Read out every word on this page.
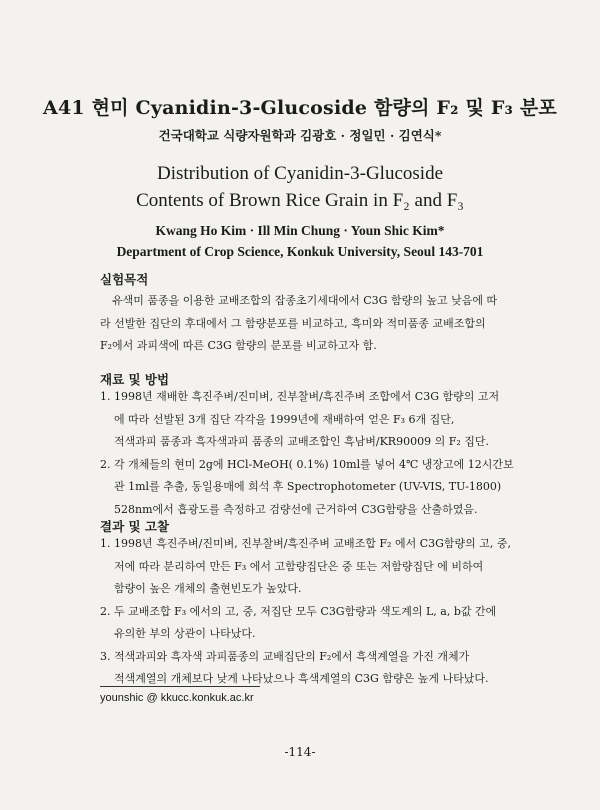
A41 현미 Cyanidin-3-Glucoside 함량의 F₂ 및 F₃ 분포
건국대학교 식량자원학과 김광호 · 정일민 · 김연식*
Distribution of Cyanidin-3-Glucoside
Contents of Brown Rice Grain in F₂ and F₃
Kwang Ho Kim · Ill Min Chung · Youn Shic Kim*
Department of Crop Science, Konkuk University, Seoul 143-701
실험목적

유색미 품종을 이용한 교배조합의 잡종초기세대에서 C3G 함량의 높고 낮음에 따

라 선발한 집단의 후대에서 그 함량분포를 비교하고, 흑미와 적미품종 교배조합의

F₂에서 과피색에 따른 C3G 함량의 분포를 비교하고자 함.

재료 및 방법
1. 1998년 재배한 흑진주벼/진미벼, 진부찰벼/흑진주벼 조합에서 C3G 함량의 고저
에 따라 선발된 3개 집단 각각을 1999년에 재배하여 얻은 F₃ 6개 집단,
적색과피 품종과 흑자색과피 품종의 교배조합인 흑남벼/KR90009 의 F₂ 집단.
2. 각 개체들의 현미 2g에 HCl-MeOH( 0.1%) 10ml를 넣어 4℃ 냉장고에 12시간보
관 1ml를 추출, 동일용매에 희석 후 Spectrophotometer (UV-VIS, TU-1800)
528nm에서 흡광도를 측정하고 검량선에 근거하여 C3G함량을 산출하였음.
결과 및 고찰
1. 1998년 흑진주벼/진미벼, 진부찰벼/흑진주벼 교배조합 F₂ 에서 C3G함량의 고, 중,
저에 따라 분리하여 만든 F₃ 에서 고함량집단은 중 또는 저함량집단 에 비하여
함량이 높은 개체의 출현빈도가 높았다.
2. 두 교배조합 F₃ 에서의 고, 중, 저집단 모두 C3G함량과 색도계의 L, a, b값 간에
유의한 부의 상관이 나타났다.
3. 적색과피와 흑자색 과피품종의 교배집단의 F₂에서 흑색계열을 가진 개체가
적색계열의 개체보다 낮게 나타났으나 흑색계열의 C3G 함량은 높게 나타났다.
younshic @ kkucc.konkuk.ac.kr
-114-
